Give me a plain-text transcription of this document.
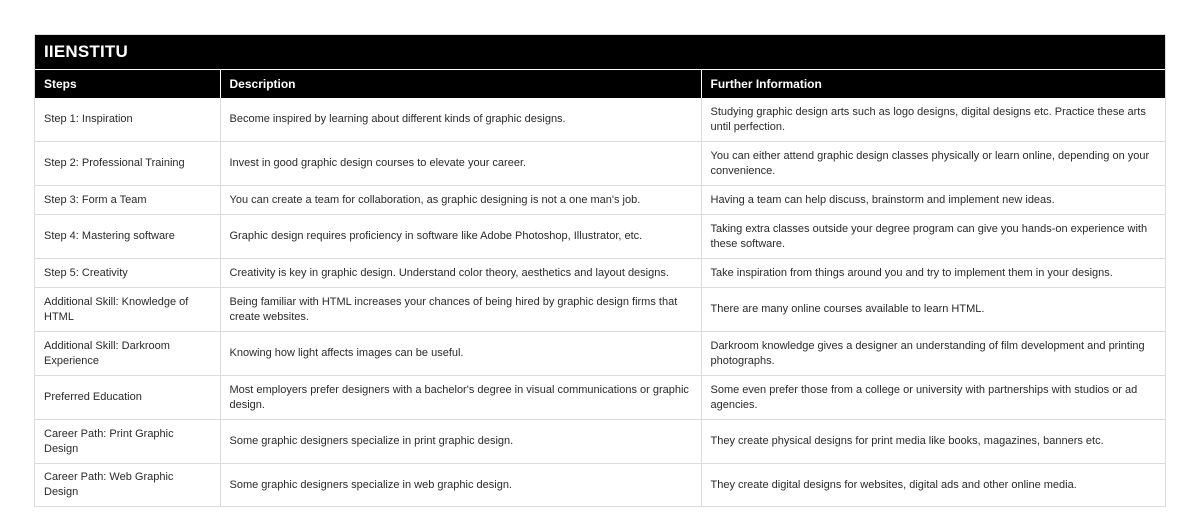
IIENSTITU
Steps	Description	Further Information
Step 1: Inspiration	Become inspired by learning about different kinds of graphic designs.	Studying graphic design arts such as logo designs, digital designs etc. Practice these arts until perfection.
Step 2: Professional Training	Invest in good graphic design courses to elevate your career.	You can either attend graphic design classes physically or learn online, depending on your convenience.
Step 3: Form a Team	You can create a team for collaboration, as graphic designing is not a one man's job.	Having a team can help discuss, brainstorm and implement new ideas.
Step 4: Mastering software	Graphic design requires proficiency in software like Adobe Photoshop, Illustrator, etc.	Taking extra classes outside your degree program can give you hands-on experience with these software.
Step 5: Creativity	Creativity is key in graphic design. Understand color theory, aesthetics and layout designs.	Take inspiration from things around you and try to implement them in your designs.
Additional Skill: Knowledge of HTML	Being familiar with HTML increases your chances of being hired by graphic design firms that create websites.	There are many online courses available to learn HTML.
Additional Skill: Darkroom Experience	Knowing how light affects images can be useful.	Darkroom knowledge gives a designer an understanding of film development and printing photographs.
Preferred Education	Most employers prefer designers with a bachelor's degree in visual communications or graphic design.	Some even prefer those from a college or university with partnerships with studios or ad agencies.
Career Path: Print Graphic Design	Some graphic designers specialize in print graphic design.	They create physical designs for print media like books, magazines, banners etc.
Career Path: Web Graphic Design	Some graphic designers specialize in web graphic design.	They create digital designs for websites, digital ads and other online media.
